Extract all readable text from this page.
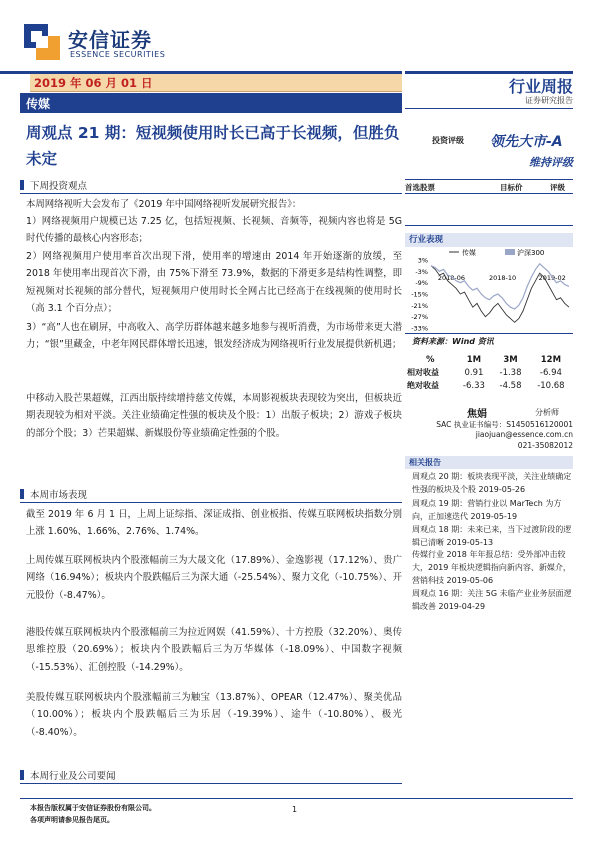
安信证券
ESSENCE SECURITIES
2019 年 06 月 01 日
传媒
行业周报
证券研究报告
周观点 21 期：短视频使用时长已高于长视频，但胜负未定
投资评级 领先大市-A
维持评级
首选股票	目标价	评级
行业表现
3%
-3%
-9%
-15%
-21%
-27%
-33%
2018-06	2018-10	2019-02
传媒	沪深300
资料来源：Wind 资讯
%	1M	3M	12M
相对收益	0.91	-1.38	-6.94
绝对收益	-6.33	-4.58	-10.68
焦娟	分析师
SAC 执业证书编号：S1450516120001
jiaojuan@essence.com.cn
021-35082012
相关报告
周观点 20 期：板块表现平淡，关注业绩确定性强的板块及个股 2019-05-26
周观点 19 期：营销行业以 MarTech 为方向，正加速迭代 2019-05-19
周观点 18 期：未来已来，当下过渡阶段的逻辑已清晰 2019-05-13
传媒行业 2018 年年报总结：受外部冲击较大，2019 年板块逻辑指向新内容、新媒介，营销科技 2019-05-06
周观点 16 期：关注 5G 未临产业业务层面逻辑改善 2019-04-29
下周投资观点
本周网络视听大会发布了《2019 年中国网络视听发展研究报告》：
1）网络视频用户规模已达 7.25 亿，包括短视频、长视频、音频等，视频内容也将是 5G 时代传播的最核心内容形态；
2）网络视频用户使用率首次出现下滑，使用率的增速由 2014 年开始逐渐的放缓，至 2018 年使用率出现首次下滑，由 75%下滑至 73.9%，数据的下滑更多是结构性调整，即短视频对长视频的部分替代，短视频用户使用时长全网占比已经高于在线视频的使用时长（高 3.1 个百分点）；
3）“高”人也在刷屏，中高收入、高学历群体越来越多地参与视听消费，为市场带来更大潜力；“银”里藏金，中老年网民群体增长迅速，银发经济成为网络视听行业发展提供新机遇；
中移动入股芒果超媒，江西出版持续增持慈文传媒，本周影视板块表现较为突出，但板块近期表现较为相对平淡。关注业绩确定性强的板块及个股：1）出版子板块；2）游戏子板块的部分个股；3）芒果超媒、新媒股份等业绩确定性强的个股。
本周市场表现
截至 2019 年 6 月 1 日，上周上证综指、深证成指、创业板指、传媒互联网板块指数分别上涨 1.60%、1.66%、2.76%、1.74%。
上周传媒互联网板块内个股涨幅前三为大晟文化（17.89%）、金逸影视（17.12%）、贵广网络（16.94%）；板块内个股跌幅后三为深大通（-25.54%）、聚力文化（-10.75%）、开元股份（-8.47%）。
港股传媒互联网板块内个股涨幅前三为拉近网娱（41.59%）、十方控股（32.20%）、奥传思维控股（20.69%）；板块内个股跌幅后三为万华媒体（-18.09%）、中国数字视频（-15.53%）、汇创控股（-14.29%）。
美股传媒互联网板块内个股涨幅前三为触宝（13.87%）、OPEAR（12.47%）、聚美优品（10.00%）；板块内个股跌幅后三为乐居（-19.39%）、途牛（-10.80%）、极光（-8.40%）。
本周行业及公司要闻
本报告版权属于安信证券股份有限公司。
各项声明请参见报告尾页。
1
